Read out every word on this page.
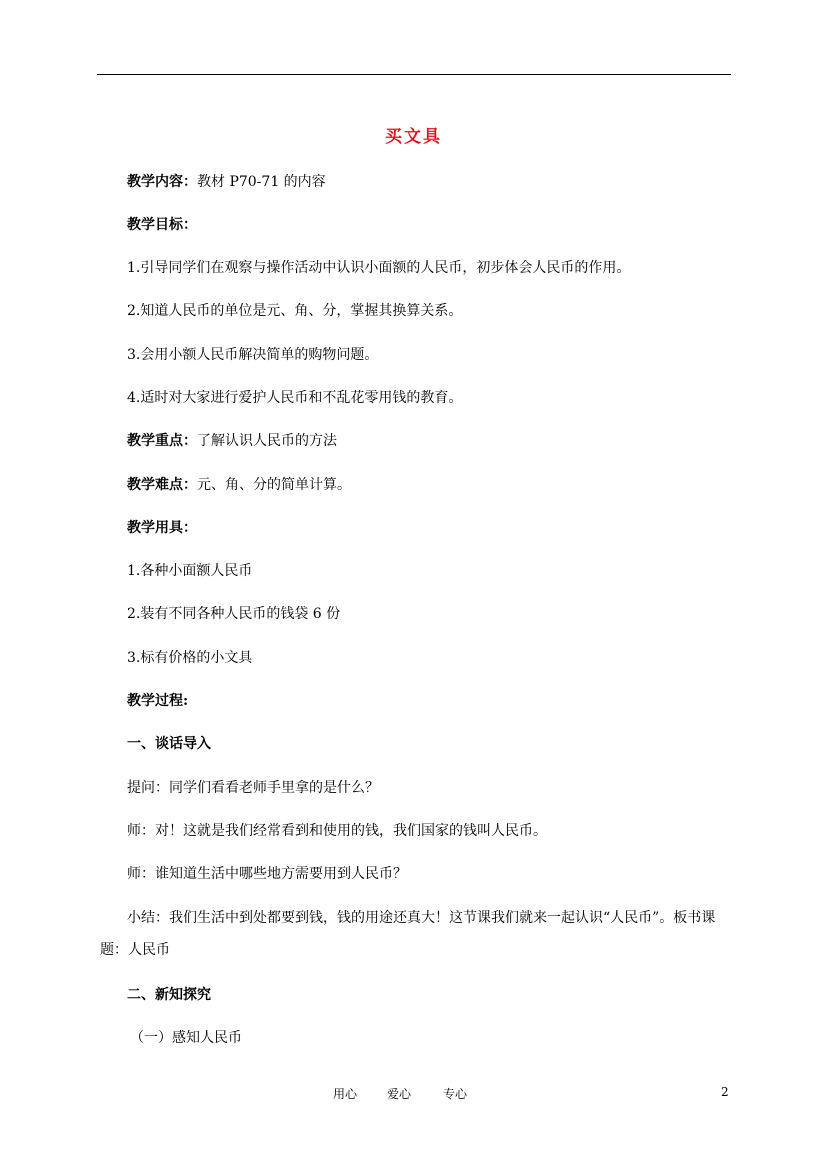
买文具
教学内容：教材 P70-71 的内容
教学目标：
1.引导同学们在观察与操作活动中认识小面额的人民币，初步体会人民币的作用。
2.知道人民币的单位是元、角、分，掌握其换算关系。
3.会用小额人民币解决简单的购物问题。
4.适时对大家进行爱护人民币和不乱花零用钱的教育。
教学重点：了解认识人民币的方法
教学难点：元、角、分的简单计算。
教学用具：
1.各种小面额人民币
2.装有不同各种人民币的钱袋 6 份
3.标有价格的小文具
教学过程:
一、谈话导入
提问：同学们看看老师手里拿的是什么？
师：对！这就是我们经常看到和使用的钱，我们国家的钱叫人民币。
师：谁知道生活中哪些地方需要用到人民币？
小结：我们生活中到处都要到钱，钱的用途还真大！这节课我们就来一起认识“人民币”。板书课题：人民币
二、新知探究
（一）感知人民币
用心 爱心	专心	2
